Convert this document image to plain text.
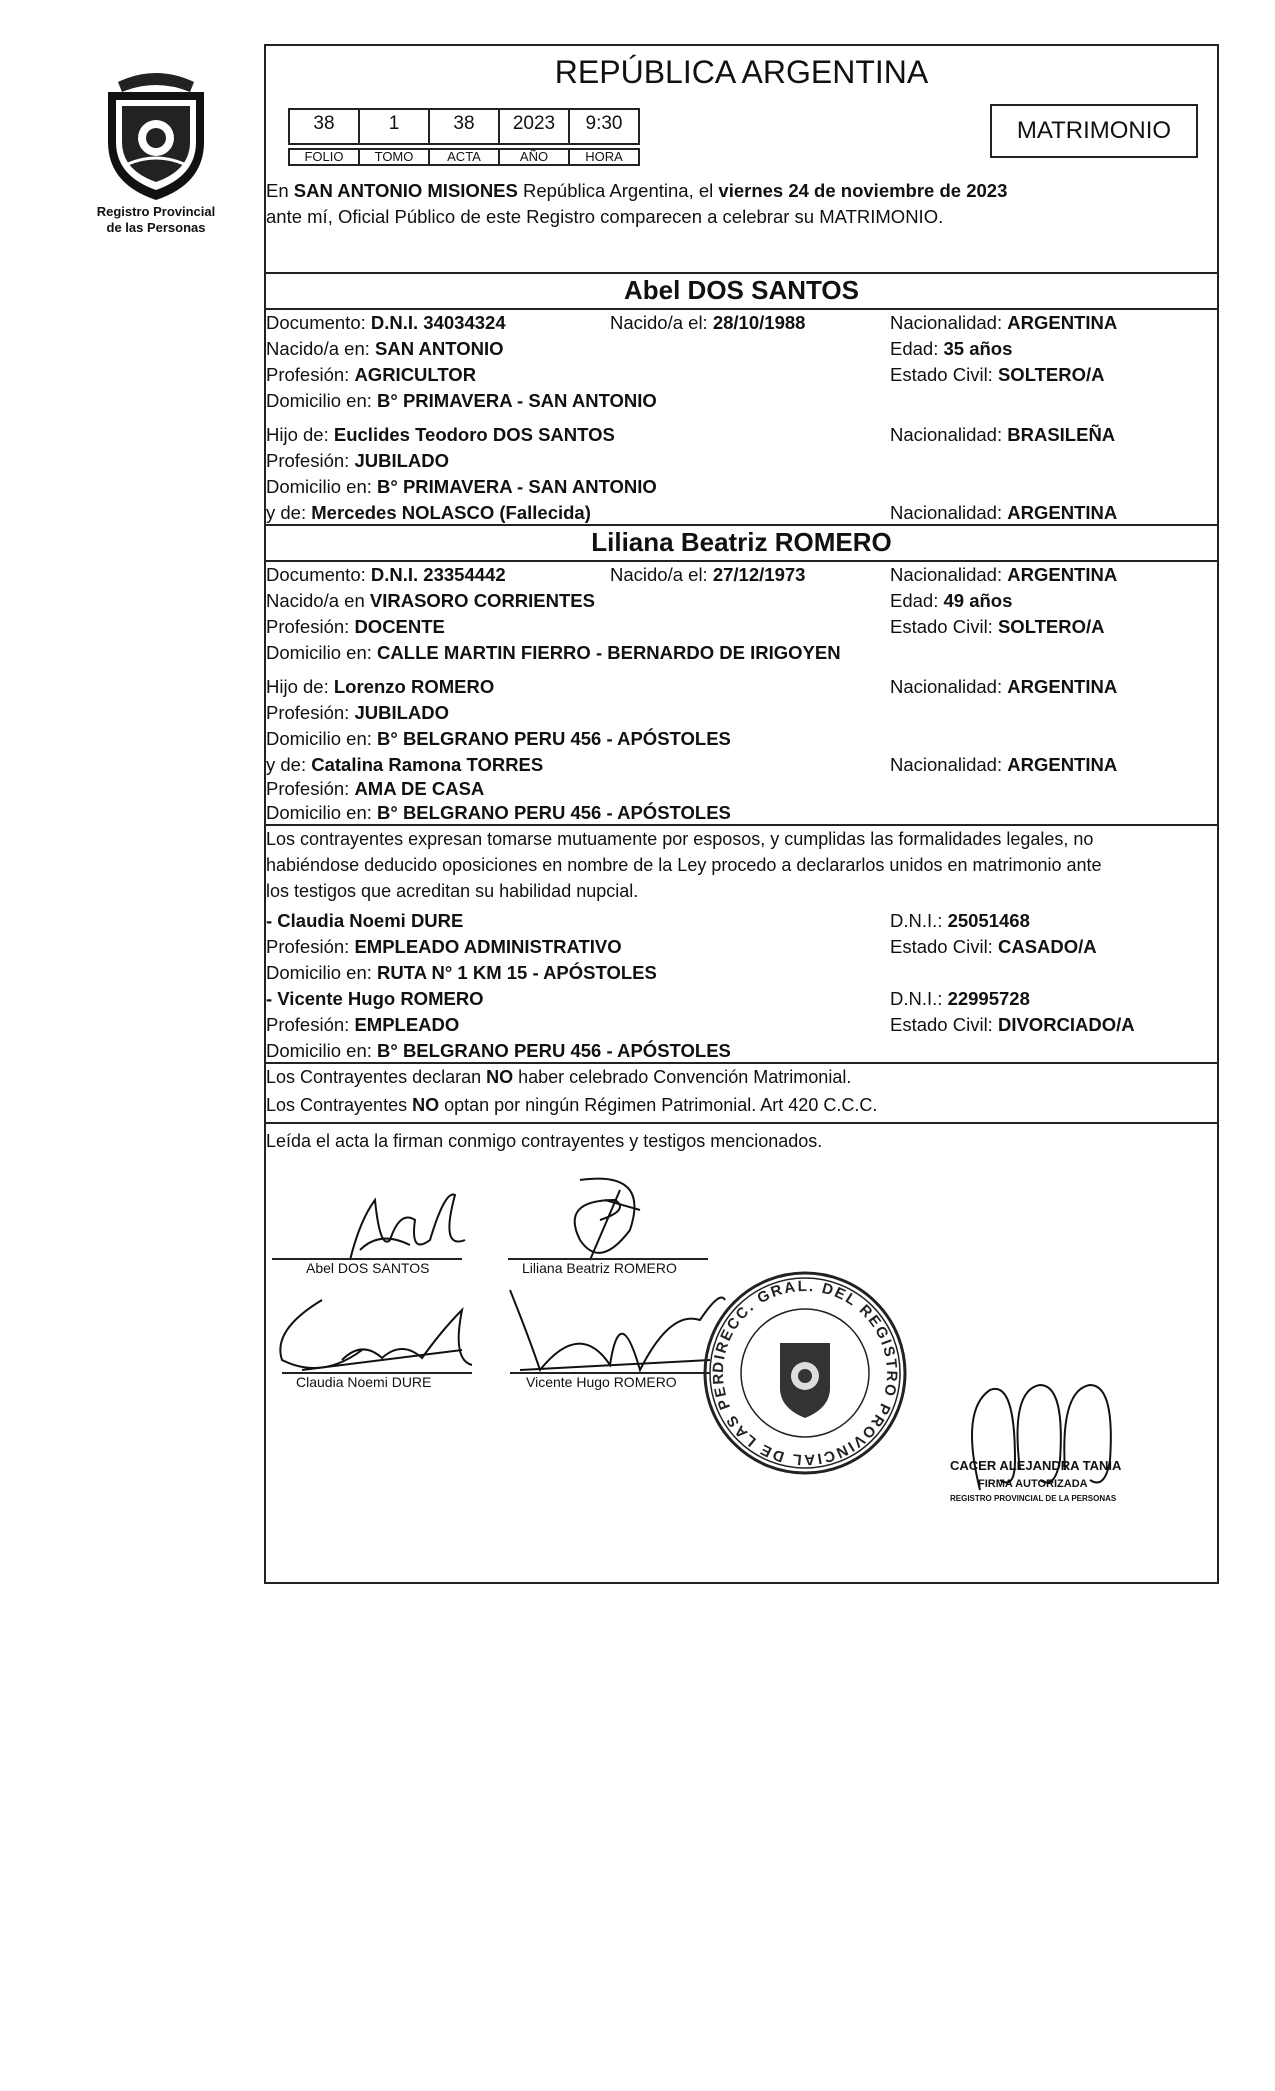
Registro Provincial
de las Personas
REPÚBLICA ARGENTINA
38	1	38	2023	9:30
FOLIO	TOMO	ACTA	AÑO	HORA
MATRIMONIO
En SAN ANTONIO MISIONES República Argentina, el viernes 24 de noviembre de 2023
ante mí, Oficial Público de este Registro comparecen a celebrar su MATRIMONIO.
Abel DOS SANTOS
Documento: D.N.I. 34034324	Nacido/a el: 28/10/1988	Nacionalidad: ARGENTINA
Nacido/a en: SAN ANTONIO	Edad: 35 años
Profesión: AGRICULTOR	Estado Civil: SOLTERO/A
Domicilio en: B° PRIMAVERA - SAN ANTONIO
Hijo de: Euclides Teodoro DOS SANTOS	Nacionalidad: BRASILEÑA
Profesión: JUBILADO
Domicilio en: B° PRIMAVERA - SAN ANTONIO
y de: Mercedes NOLASCO (Fallecida)	Nacionalidad: ARGENTINA
Liliana Beatriz ROMERO
Documento: D.N.I. 23354442	Nacido/a el: 27/12/1973	Nacionalidad: ARGENTINA
Nacido/a en VIRASORO CORRIENTES	Edad: 49 años
Profesión: DOCENTE	Estado Civil: SOLTERO/A
Domicilio en: CALLE MARTIN FIERRO - BERNARDO DE IRIGOYEN
Hijo de: Lorenzo ROMERO	Nacionalidad: ARGENTINA
Profesión: JUBILADO
Domicilio en: B° BELGRANO PERU 456 - APÓSTOLES
y de: Catalina Ramona TORRES	Nacionalidad: ARGENTINA
Profesión: AMA DE CASA
Domicilio en: B° BELGRANO PERU 456 - APÓSTOLES
Los contrayentes expresan tomarse mutuamente por esposos, y cumplidas las formalidades legales, no
habiéndose deducido oposiciones en nombre de la Ley procedo a declararlos unidos en matrimonio ante
los testigos que acreditan su habilidad nupcial.
- Claudia Noemi DURE	D.N.I.: 25051468
Profesión: EMPLEADO ADMINISTRATIVO	Estado Civil: CASADO/A
Domicilio en: RUTA N° 1 KM 15 - APÓSTOLES
- Vicente Hugo ROMERO	D.N.I.: 22995728
Profesión: EMPLEADO	Estado Civil: DIVORCIADO/A
Domicilio en: B° BELGRANO PERU 456 - APÓSTOLES
Los Contrayentes declaran NO haber celebrado Convención Matrimonial.
Los Contrayentes NO optan por ningún Régimen Patrimonial. Art 420 C.C.C.
Leída el acta la firman conmigo contrayentes y testigos mencionados.
Abel DOS SANTOS	Liliana Beatriz ROMERO
Claudia Noemi DURE	Vicente Hugo ROMERO
DIRECC. GRAL. DEL REGISTRO PROVINCIAL DE LAS PERSONAS · MINIST. DE GOBIERNO ·
CACER ALEJANDRA TANIA
FIRMA AUTORIZADA
REGISTRO PROVINCIAL DE LA PERSONAS
